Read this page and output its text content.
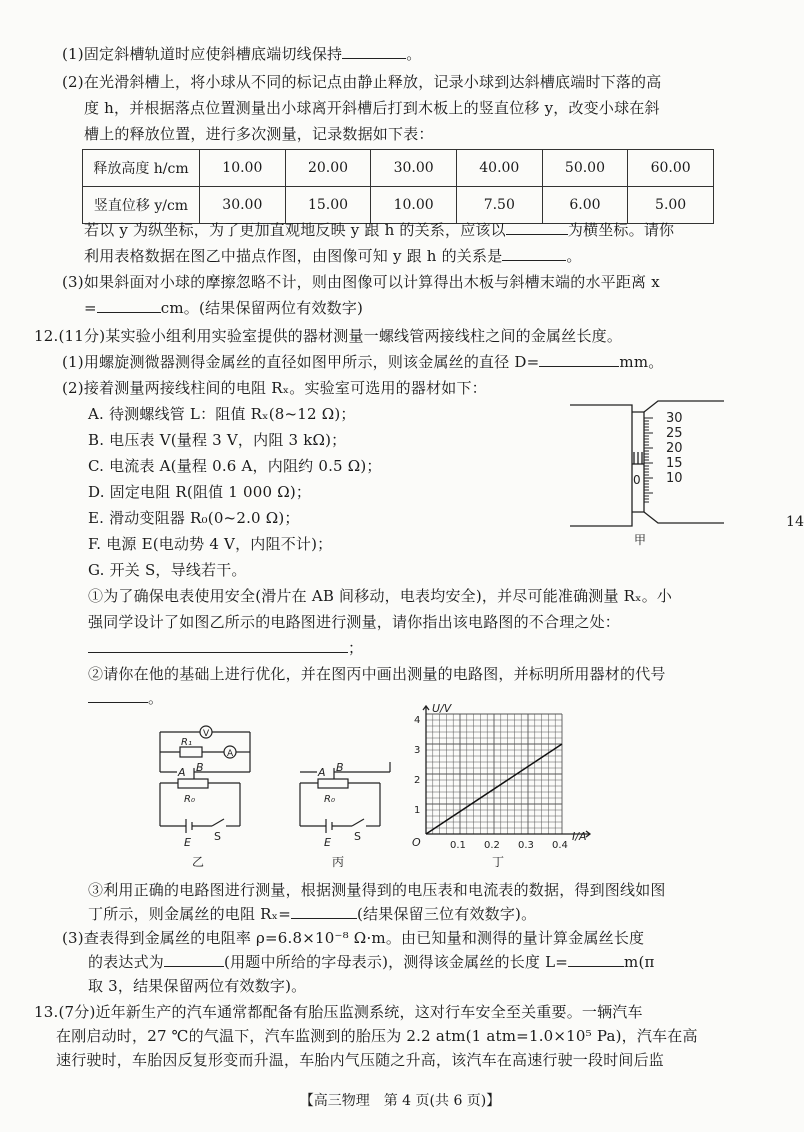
(1)固定斜槽轨道时应使斜槽底端切线保持	。
(2)在光滑斜槽上，将小球从不同的标记点由静止释放，记录小球到达斜槽底端时下落的高
度 h，并根据落点位置测量出小球离开斜槽后打到木板上的竖直位移 y，改变小球在斜
槽上的释放位置，进行多次测量，记录数据如下表：
释放高度 h/cm	10.00	20.00	30.00	40.00	50.00	60.00
竖直位移 y/cm	30.00	15.00	10.00	7.50	6.00	5.00
若以 y 为纵坐标，为了更加直观地反映 y 跟 h 的关系，应该以	为横坐标。请你
利用表格数据在图乙中描点作图，由图像可知 y 跟 h 的关系是	。
(3)如果斜面对小球的摩擦忽略不计，则由图像可以计算得出木板与斜槽末端的水平距离 x
=	cm。(结果保留两位有效数字)
12.(11分)某实验小组利用实验室提供的器材测量一螺线管两接线柱之间的金属丝长度。
(1)用螺旋测微器测得金属丝的直径如图甲所示，则该金属丝的直径 D=	mm。
(2)接着测量两接线柱间的电阻 Rₓ。实验室可选用的器材如下：
A. 待测螺线管 L：阻值 Rₓ(8~12 Ω)；
B. 电压表 V(量程 3 V，内阻 3 kΩ)；
C. 电流表 A(量程 0.6 A，内阻约 0.5 Ω)；
D. 固定电阻 R(阻值 1 000 Ω)；
E. 滑动变阻器 R₀(0~2.0 Ω)；
F. 电源 E(电动势 4 V，内阻不计)；
G. 开关 S，导线若干。
30
25
20
15
10
0
甲
14
①为了确保电表使用安全(滑片在 AB 间移动，电表均安全)，并尽可能准确测量 Rₓ。小
强同学设计了如图乙所示的电路图进行测量，请你指出该电路图的不合理之处：
；
②请你在他的基础上进行优化，并在图丙中画出测量的电路图，并标明所用器材的代号
。
V
A
R₁
A B
R₀
E S
乙
A B
R₀
E S
丙
U/V
I/A
O
1
2
3
4
0.1 0.2 0.3 0.4
丁
③利用正确的电路图进行测量，根据测量得到的电压表和电流表的数据，得到图线如图
丁所示，则金属丝的电阻 Rₓ=	(结果保留三位有效数字)。
(3)查表得到金属丝的电阻率 ρ=6.8×10⁻⁸ Ω·m。由已知量和测得的量计算金属丝长度
的表达式为	(用题中所给的字母表示)，测得该金属丝的长度 L=	m(π
取 3，结果保留两位有效数字)。
13.(7分)近年新生产的汽车通常都配备有胎压监测系统，这对行车安全至关重要。一辆汽车
在刚启动时，27 ℃的气温下，汽车监测到的胎压为 2.2 atm(1 atm=1.0×10⁵ Pa)，汽车在高
速行驶时，车胎因反复形变而升温，车胎内气压随之升高，该汽车在高速行驶一段时间后监
【高三物理　第 4 页(共 6 页)】
